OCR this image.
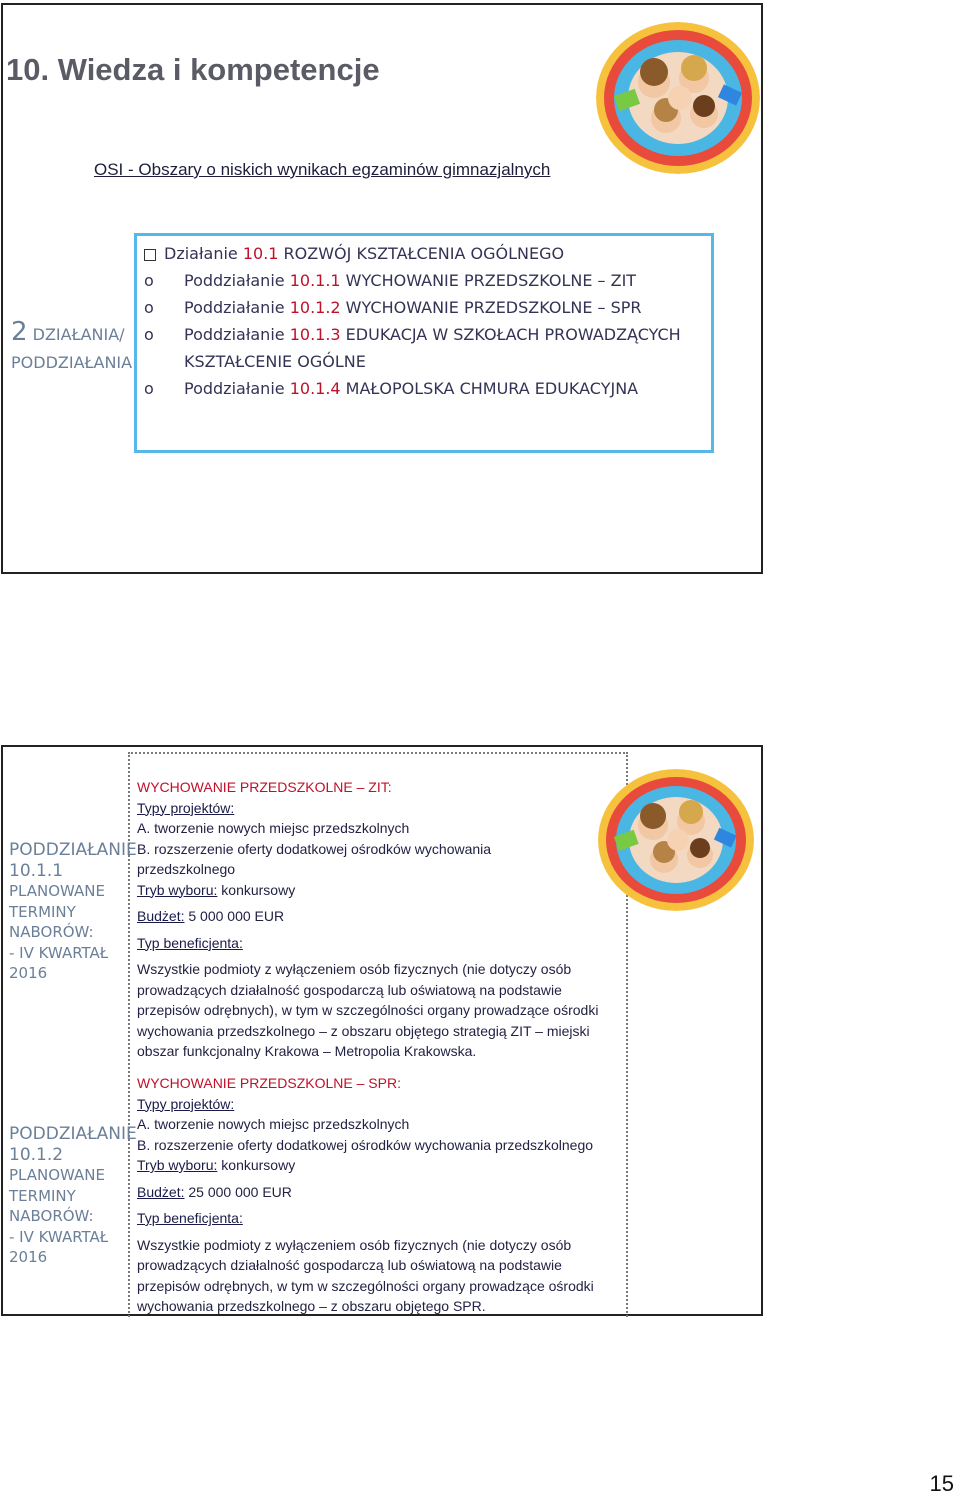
10. Wiedza i kompetencje
OSI - Obszary o niskich wynikach egzaminów gimnazjalnych
2 DZIAŁANIA/
PODDZIAŁANIA
Działanie 10.1 ROZWÓJ KSZTAŁCENIA OGÓLNEGO
o Poddziałanie 10.1.1 WYCHOWANIE PRZEDSZKOLNE – ZIT
o Poddziałanie 10.1.2 WYCHOWANIE PRZEDSZKOLNE – SPR
o Poddziałanie 10.1.3 EDUKACJA W SZKOŁACH PROWADZĄCYCH
KSZTAŁCENIE OGÓLNE
o Poddziałanie 10.1.4 MAŁOPOLSKA CHMURA EDUKACYJNA
PODDZIAŁANIE
10.1.1
PLANOWANE
TERMINY
NABORÓW:
- IV KWARTAŁ
2016
PODDZIAŁANIE
10.1.2
PLANOWANE
TERMINY
NABORÓW:
- IV KWARTAŁ
2016
WYCHOWANIE PRZEDSZKOLNE – ZIT:
Typy projektów:
A. tworzenie nowych miejsc przedszkolnych
B. rozszerzenie oferty dodatkowej ośrodków wychowania
przedszkolnego
Tryb wyboru: konkursowy
Budżet: 5 000 000 EUR
Typ beneficjenta:
Wszystkie podmioty z wyłączeniem osób fizycznych (nie dotyczy osób
prowadzących działalność gospodarczą lub oświatową na podstawie
przepisów odrębnych), w tym w szczególności organy prowadzące ośrodki
wychowania przedszkolnego – z obszaru objętego strategią ZIT – miejski
obszar funkcjonalny Krakowa – Metropolia Krakowska.
WYCHOWANIE PRZEDSZKOLNE – SPR:
Typy projektów:
A. tworzenie nowych miejsc przedszkolnych
B. rozszerzenie oferty dodatkowej ośrodków wychowania przedszkolnego
Tryb wyboru: konkursowy
Budżet: 25 000 000 EUR
Typ beneficjenta:
Wszystkie podmioty z wyłączeniem osób fizycznych (nie dotyczy osób
prowadzących działalność gospodarczą lub oświatową na podstawie
przepisów odrębnych, w tym w szczególności organy prowadzące ośrodki
wychowania przedszkolnego – z obszaru objętego SPR.
15
